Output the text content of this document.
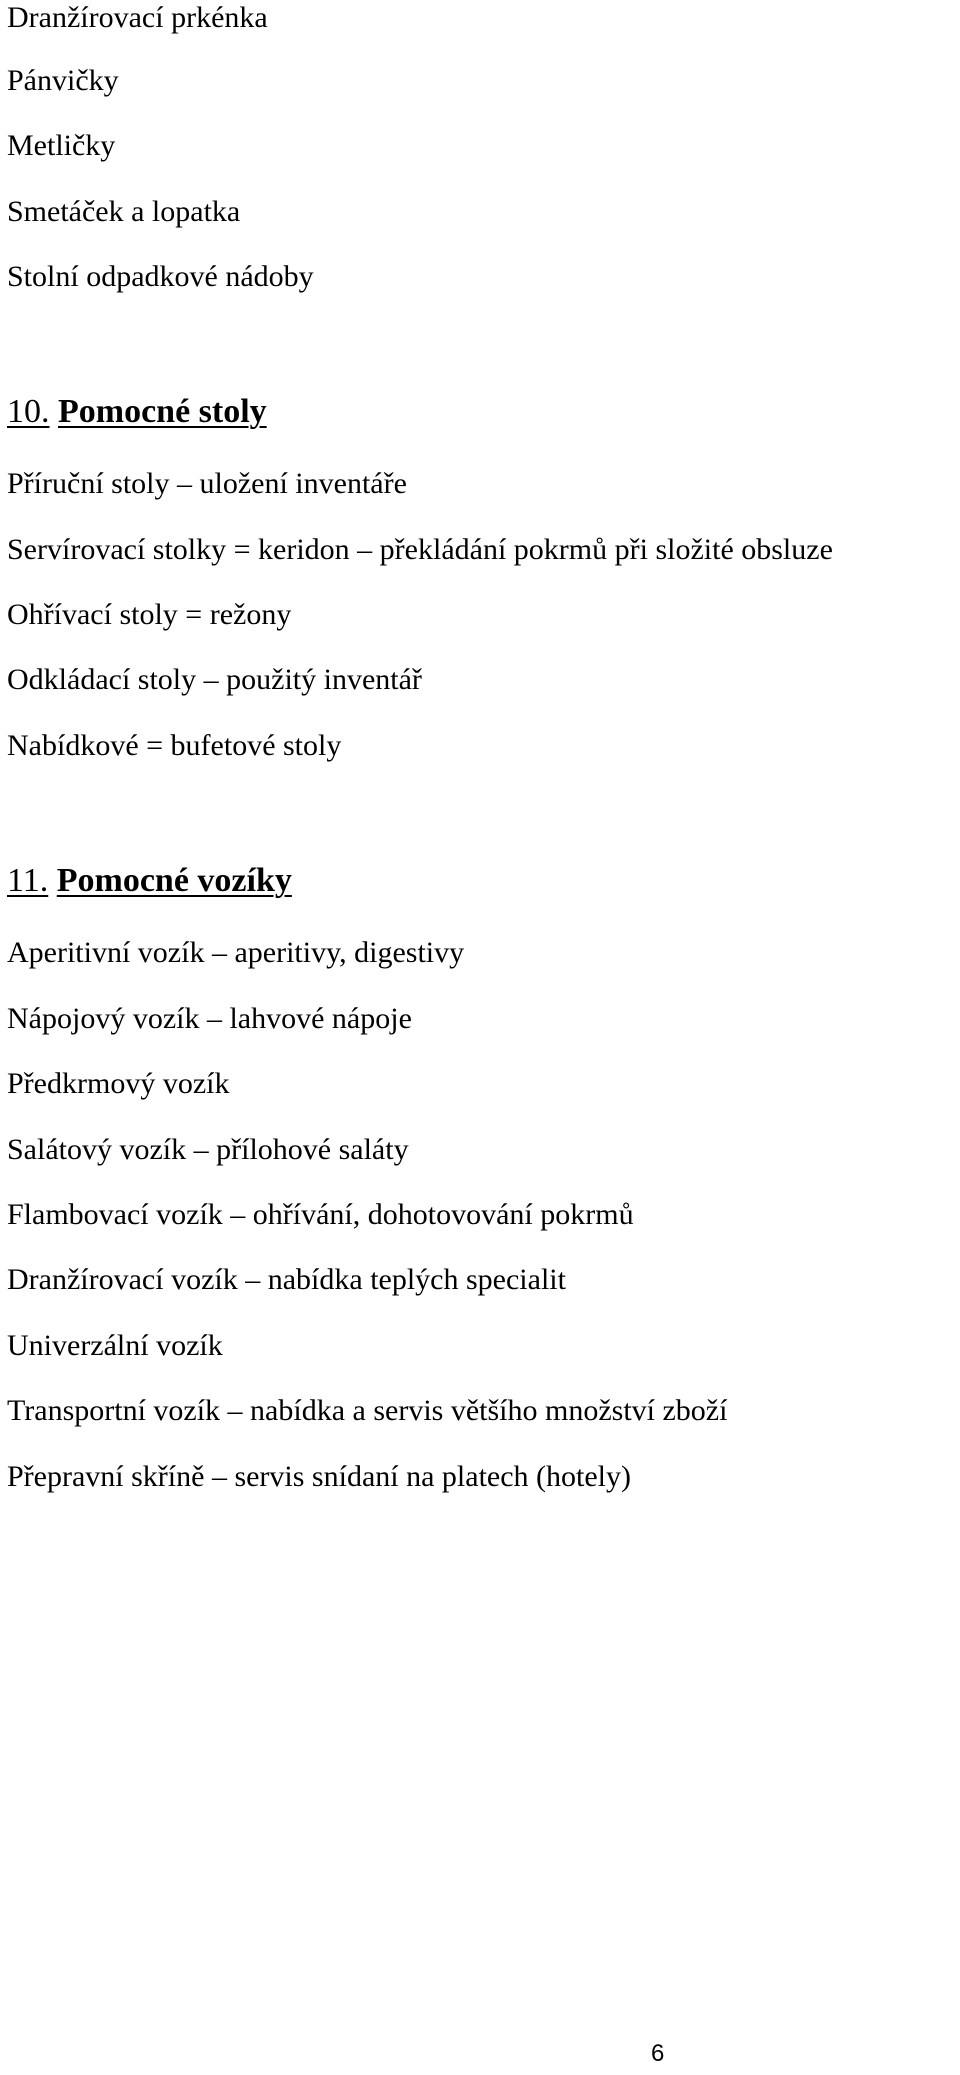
Dranžírovací prkénka

Pánvičky

Metličky

Smetáček a lopatka

Stolní odpadkové nádoby

10. Pomocné stoly

Příruční stoly – uložení inventáře

Servírovací stolky = keridon – překládání pokrmů při složité obsluze

Ohřívací stoly = režony

Odkládací stoly – použitý inventář

Nabídkové = bufetové stoly

11. Pomocné vozíky

Aperitivní vozík – aperitivy, digestivy

Nápojový vozík – lahvové nápoje

Předkrmový vozík

Salátový vozík – přílohové saláty

Flambovací vozík – ohřívání, dohotovování pokrmů

Dranžírovací vozík – nabídka teplých specialit

Univerzální vozík

Transportní vozík – nabídka a servis většího množství zboží

Přepravní skříně – servis snídaní na platech (hotely)

6
